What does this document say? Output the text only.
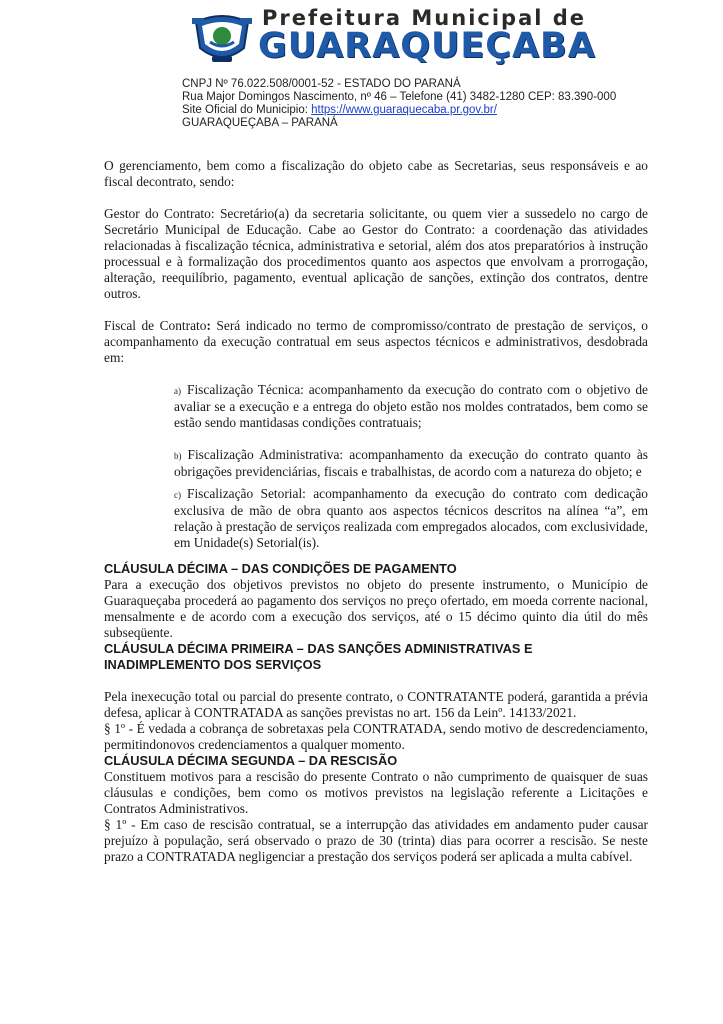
Prefeitura Municipal de
GUARAQUEÇABA
CNPJ Nº 76.022.508/0001-52 - ESTADO DO PARANÁ
Rua Major Domingos Nascimento, nº 46 – Telefone (41) 3482-1280 CEP: 83.390-000
Site Oficial do Municipio: https://www.guaraquecaba.pr.gov.br/
GUARAQUEÇABA – PARANÁ

O gerenciamento, bem como a fiscalização do objeto cabe as Secretarias, seus responsáveis e ao fiscal decontrato, sendo:

Gestor do Contrato: Secretário(a) da secretaria solicitante, ou quem vier a sussedelo no cargo de Secretário Municipal de Educação. Cabe ao Gestor do Contrato: a coordenação das atividades relacionadas à fiscalização técnica, administrativa e setorial, além dos atos preparatórios à instrução processual e à formalização dos procedimentos quanto aos aspectos que envolvam a prorrogação, alteração, reequilíbrio, pagamento, eventual aplicação de sanções, extinção dos contratos, dentre outros.

Fiscal de Contrato: Será indicado no termo de compromisso/contrato de prestação de serviços, o acompanhamento da execução contratual em seus aspectos técnicos e administrativos, desdobrada em:

a) Fiscalização Técnica: acompanhamento da execução do contrato com o objetivo de avaliar se a execução e a entrega do objeto estão nos moldes contratados, bem como se estão sendo mantidasas condições contratuais;

b) Fiscalização Administrativa: acompanhamento da execução do contrato quanto às obrigações previdenciárias, fiscais e trabalhistas, de acordo com a natureza do objeto; e

c) Fiscalização Setorial: acompanhamento da execução do contrato com dedicação exclusiva de mão de obra quanto aos aspectos técnicos descritos na alínea “a”, em relação à prestação de serviços realizada com empregados alocados, com exclusividade, em Unidade(s) Setorial(is).

CLÁUSULA DÉCIMA – DAS CONDIÇÕES DE PAGAMENTO

Para a execução dos objetivos previstos no objeto do presente instrumento, o Município de Guaraqueçaba procederá ao pagamento dos serviços no preço ofertado, em moeda corrente nacional, mensalmente e de acordo com a execução dos serviços, até o 15 décimo quinto dia útil do mês subseqüente.

CLÁUSULA DÉCIMA PRIMEIRA – DAS SANÇÕES ADMINISTRATIVAS E INADIMPLEMENTO DOS SERVIÇOS

Pela inexecução total ou parcial do presente contrato, o CONTRATANTE poderá, garantida a prévia defesa, aplicar à CONTRATADA as sanções previstas no art. 156 da Leinº. 14133/2021.

§ 1º - É vedada a cobrança de sobretaxas pela CONTRATADA, sendo motivo de descredenciamento, permitindonovos credenciamentos a qualquer momento.

CLÁUSULA DÉCIMA SEGUNDA – DA RESCISÃO

Constituem motivos para a rescisão do presente Contrato o não cumprimento de quaisquer de suas cláusulas e condições, bem como os motivos previstos na legislação referente a Licitações e Contratos Administrativos.

§ 1º - Em caso de rescisão contratual, se a interrupção das atividades em andamento puder causar prejuízo à população, será observado o prazo de 30 (trinta) dias para ocorrer a rescisão. Se neste prazo a CONTRATADA negligenciar a prestação dos serviços poderá ser aplicada a multa cabível.
